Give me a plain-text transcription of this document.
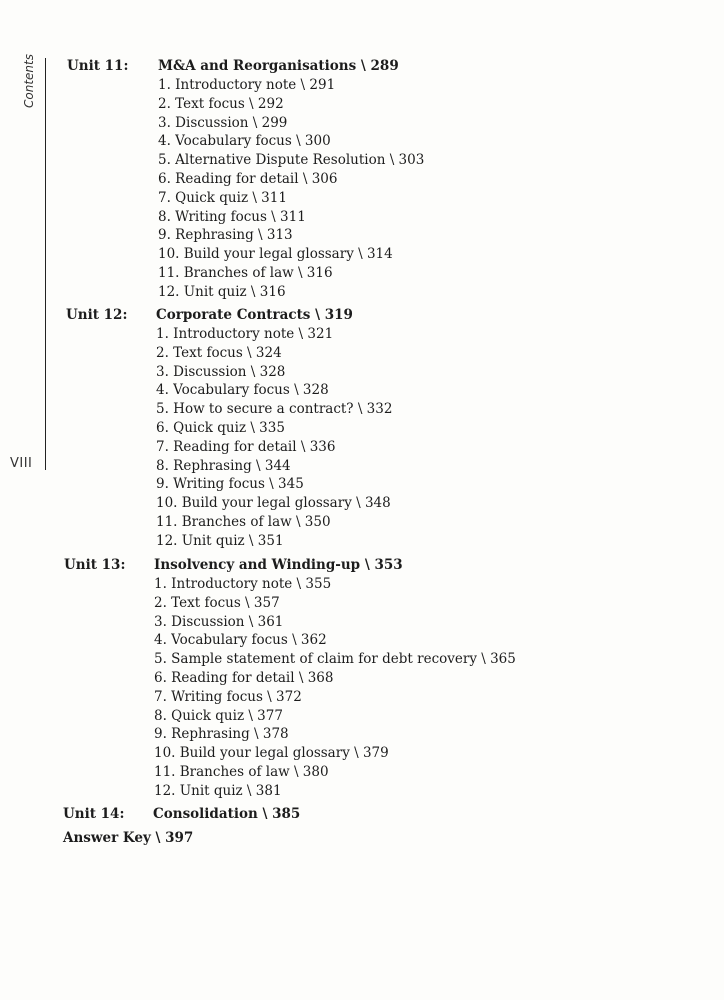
Contents
VIII
Unit 11: M&A and Reorganisations \ 289
1. Introductory note \ 291
2. Text focus \ 292
3. Discussion \ 299
4. Vocabulary focus \ 300
5. Alternative Dispute Resolution \ 303
6. Reading for detail \ 306
7. Quick quiz \ 311
8. Writing focus \ 311
9. Rephrasing \ 313
10. Build your legal glossary \ 314
11. Branches of law \ 316
12. Unit quiz \ 316
Unit 12: Corporate Contracts \ 319
1. Introductory note \ 321
2. Text focus \ 324
3. Discussion \ 328
4. Vocabulary focus \ 328
5. How to secure a contract? \ 332
6. Quick quiz \ 335
7. Reading for detail \ 336
8. Rephrasing \ 344
9. Writing focus \ 345
10. Build your legal glossary \ 348
11. Branches of law \ 350
12. Unit quiz \ 351
Unit 13: Insolvency and Winding-up \ 353
1. Introductory note \ 355
2. Text focus \ 357
3. Discussion \ 361
4. Vocabulary focus \ 362
5. Sample statement of claim for debt recovery \ 365
6. Reading for detail \ 368
7. Writing focus \ 372
8. Quick quiz \ 377
9. Rephrasing \ 378
10. Build your legal glossary \ 379
11. Branches of law \ 380
12. Unit quiz \ 381
Unit 14: Consolidation \ 385
Answer Key \ 397
